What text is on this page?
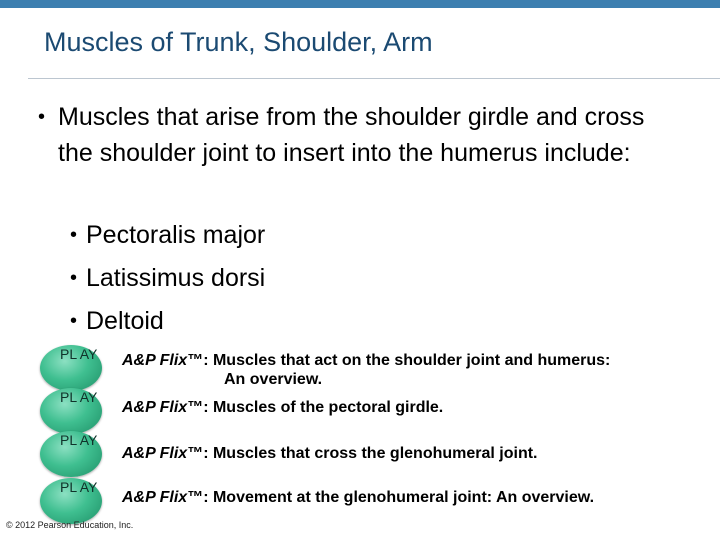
Muscles of Trunk, Shoulder, Arm
• Muscles that arise from the shoulder girdle and cross the shoulder joint to insert into the humerus include:
• Pectoralis major
• Latissimus dorsi
• Deltoid
PL AY
PL AY
PL AY
PL AY
A&P Flix™: Muscles that act on the shoulder joint and humerus:
An overview.
A&P Flix™: Muscles of the pectoral girdle.
A&P Flix™: Muscles that cross the glenohumeral joint.
A&P Flix™: Movement at the glenohumeral joint: An overview.
© 2012 Pearson Education, Inc.
